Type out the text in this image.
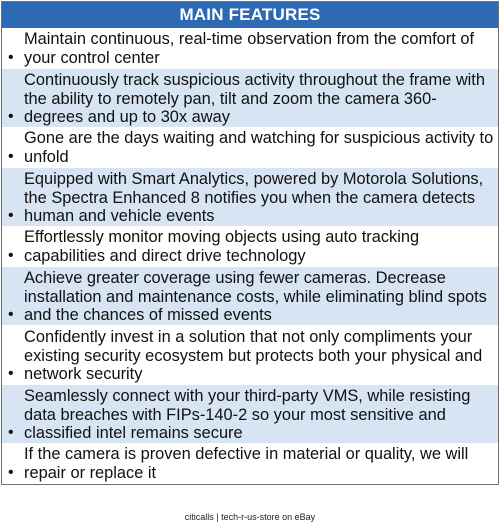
MAIN FEATURES
•
Maintain continuous, real-time observation from the comfort of your control center
•
Continuously track suspicious activity throughout the frame with the ability to remotely pan, tilt and zoom the camera 360-degrees and up to 30x away
•
Gone are the days waiting and watching for suspicious activity to unfold
•
Equipped with Smart Analytics, powered by Motorola Solutions, the Spectra Enhanced 8 notifies you when the camera detects human and vehicle events
•
Effortlessly monitor moving objects using auto tracking capabilities and direct drive technology
•
Achieve greater coverage using fewer cameras. Decrease installation and maintenance costs, while eliminating blind spots and the chances of missed events
•
Confidently invest in a solution that not only compliments your existing security ecosystem but protects both your physical and network security
•
Seamlessly connect with your third-party VMS, while resisting data breaches with FIPs-140-2 so your most sensitive and classified intel remains secure
•
If the camera is proven defective in material or quality, we will repair or replace it
citicalls | tech-r-us-store on eBay
